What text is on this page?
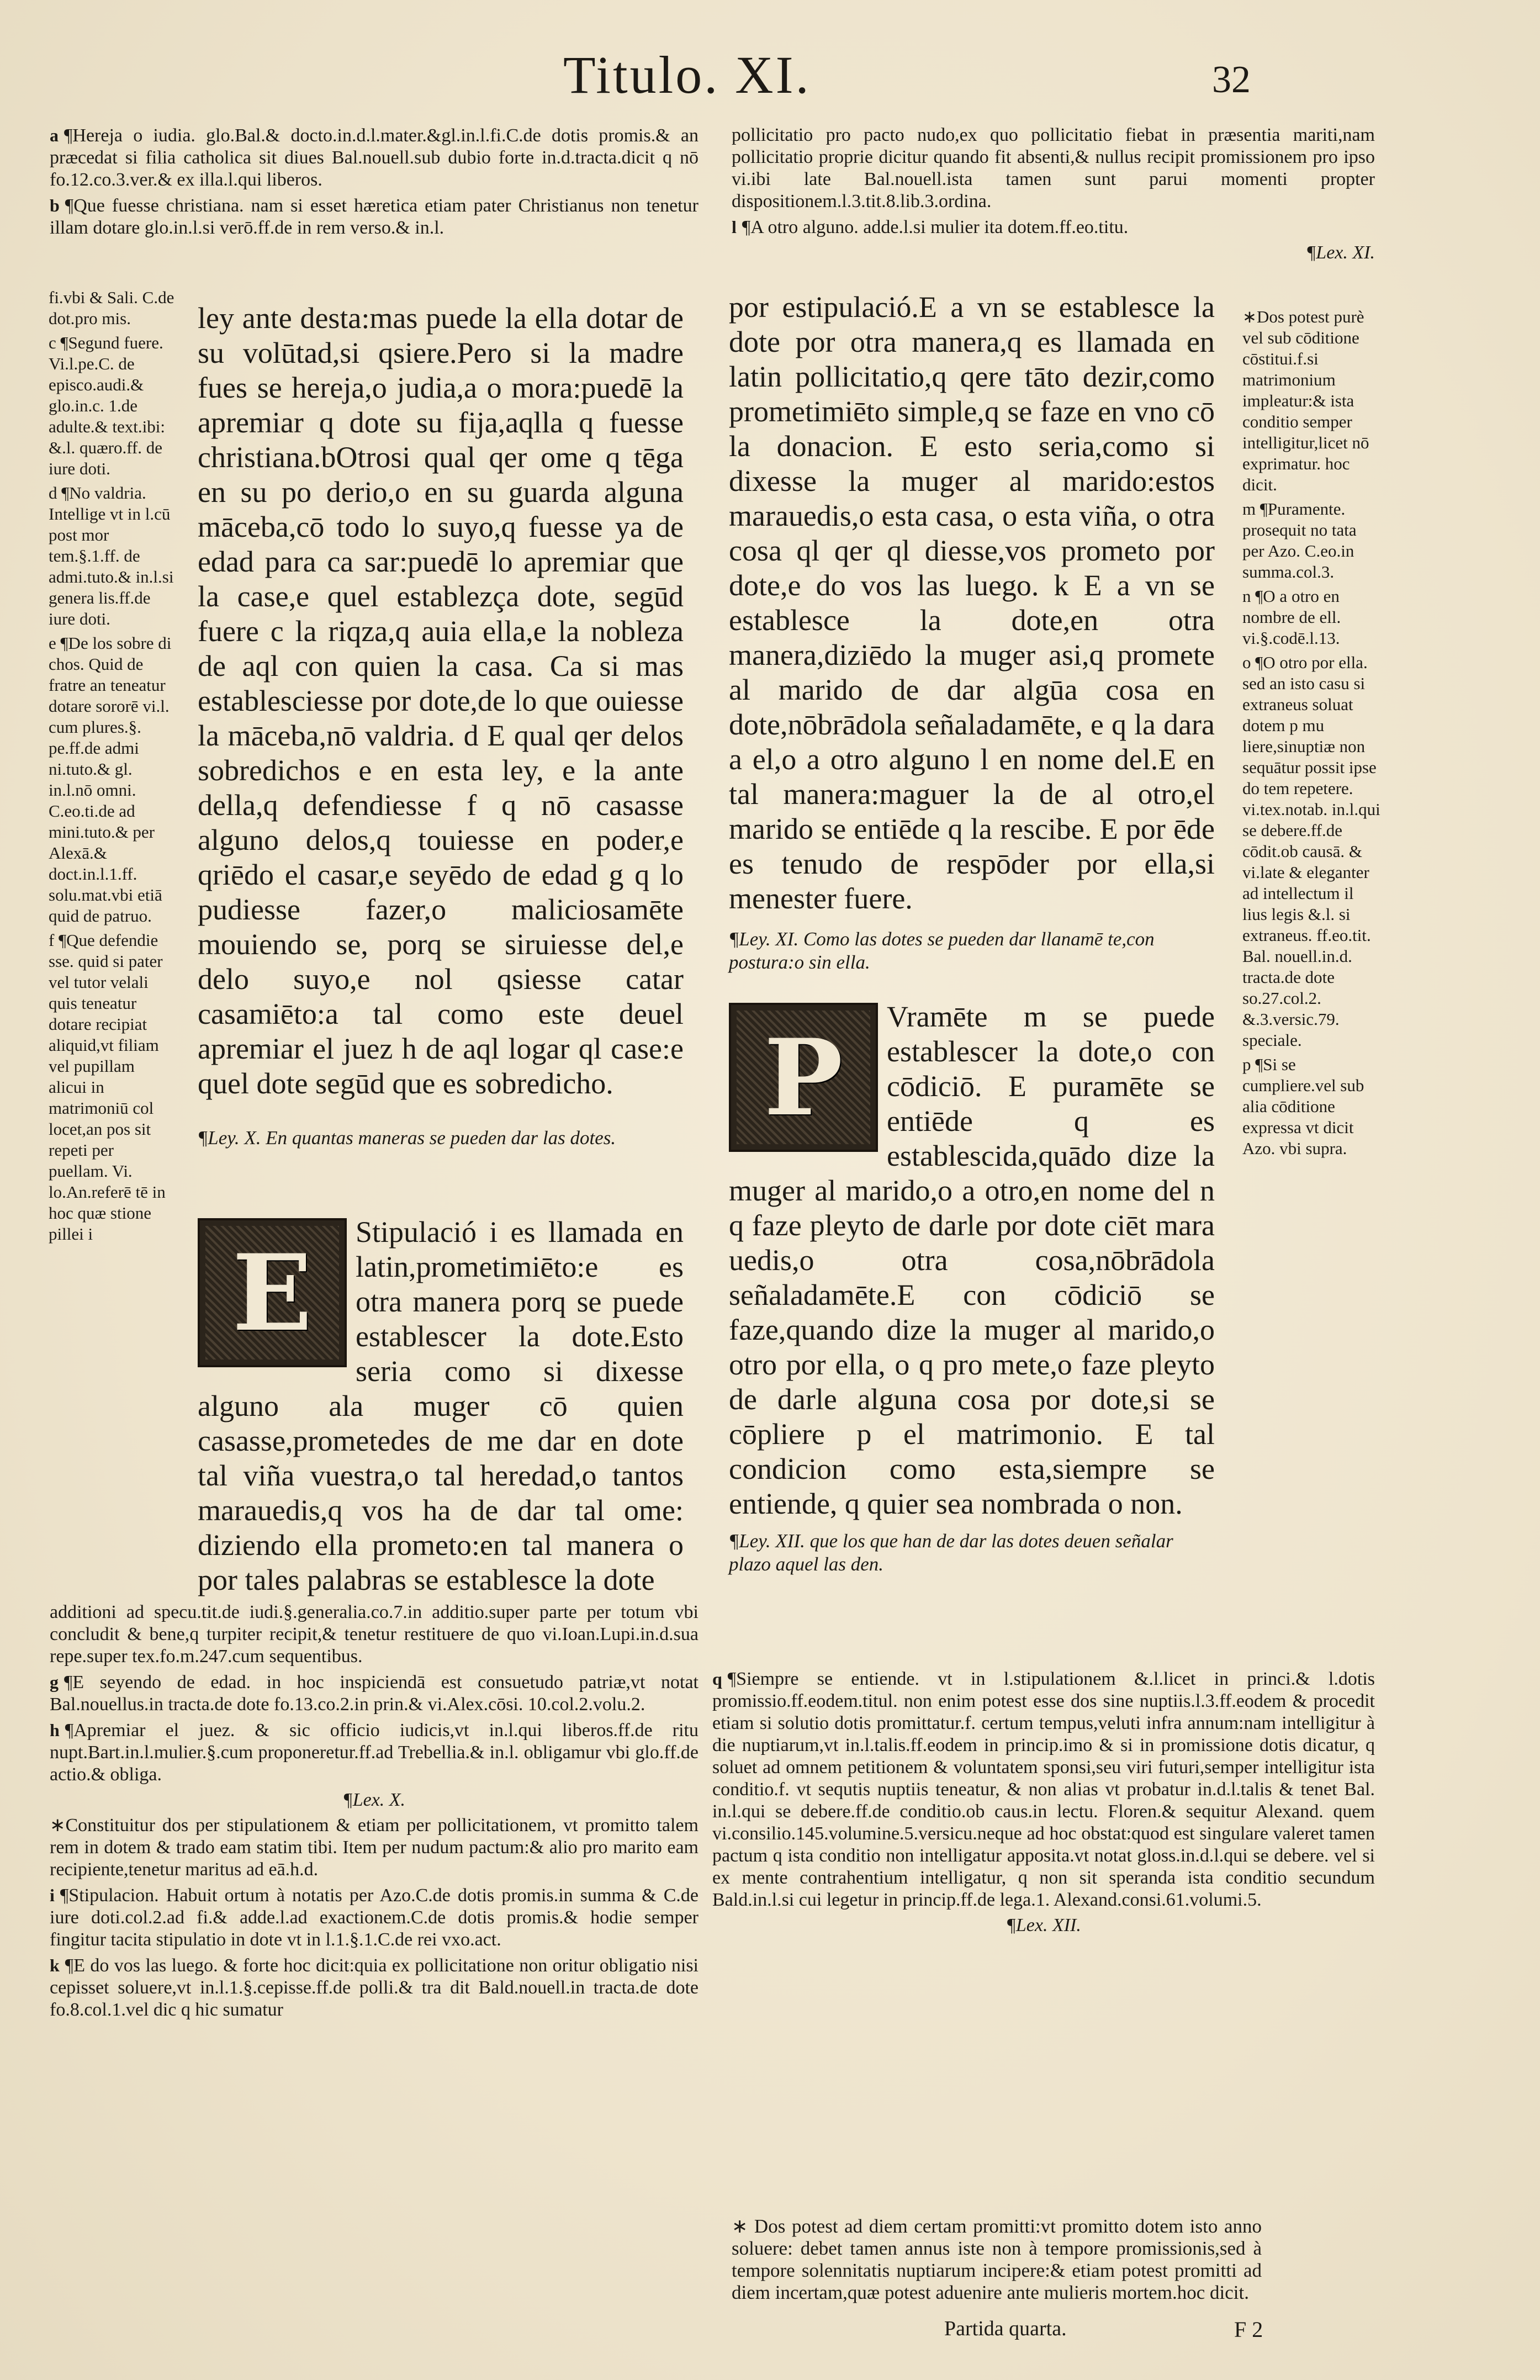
Titulo. XI.	32

a ¶Hereja o iudia. glo.Bal.& docto.in.d.l.mater.&gl.in.l.fi.C.de dotis promis.& an præcedat si filia catholica sit diues Bal.nouell.sub dubio forte in.d.tracta.dicit q nō fo.12.co.3.ver.& ex illa.l.qui liberos.

b ¶Que fuesse christiana. nam si esset hæretica etiam pater Christianus non tenetur illam dotare glo.in.l.si verō.ff.de in rem verso.& in.l.

pollicitatio pro pacto nudo,ex quo pollicitatio fiebat in præsentia mariti,nam pollicitatio proprie dicitur quando fit absenti,& nullus recipit promissionem pro ipso vi.ibi late Bal.nouell.ista tamen sunt parui momenti propter dispositionem.l.3.tit.8.lib.3.ordina.

l ¶A otro alguno. adde.l.si mulier ita dotem.ff.eo.titu.

¶Lex. XI.

fi.vbi & Sali. C.de dot.pro mis.

c ¶Segund fuere. Vi.l.pe.C. de episco.audi.& glo.in.c. 1.de adulte.& text.ibi: &.l. quæro.ff. de iure doti.

d ¶No valdria. Intellige vt in l.cū post mor tem.§.1.ff. de admi.tuto.& in.l.si genera lis.ff.de iure doti.

e ¶De los sobre di chos. Quid de fratre an teneatur dotare sororē vi.l. cum plures.§. pe.ff.de admi ni.tuto.& gl. in.l.nō omni. C.eo.ti.de ad mini.tuto.& per Alexā.& doct.in.l.1.ff. solu.mat.vbi etiā quid de patruo.

f ¶Que defendie sse. quid si pater vel tutor velali quis teneatur dotare recipiat aliquid,vt filiam vel pupillam alicui in matrimoniū col locet,an pos sit repeti per puellam. Vi. lo.An.referē tē in hoc quæ stione pillei i

ley ante desta:mas puede la ella dotar de su volūtad,si qsiere.Pero si la madre fues se hereja,o judia,a o mora:puedē la apremiar q dote su fija,aqlla q fuesse christiana.bOtrosi qual qer ome q tēga en su po derio,o en su guarda alguna māceba,cō todo lo suyo,q fuesse ya de edad para ca sar:puedē lo apremiar que la case,e quel establezça dote, segūd fuere c la riqza,q auia ella,e la nobleza de aql con quien la casa. Ca si mas establesciesse por dote,de lo que ouiesse la māceba,nō valdria. d E qual qer delos sobredichos e en esta ley, e la ante della,q defendiesse f q nō casasse alguno delos,q touiesse en poder,e qriēdo el casar,e seyēdo de edad g q lo pudiesse fazer,o maliciosamēte mouiendo se, porq se siruiesse del,e delo suyo,e nol qsiesse catar casamiēto:a tal como este deuel apremiar el juez h de aql logar ql case:e quel dote segūd que es sobredicho.

¶Ley. X. En quantas maneras se pueden dar las dotes.
E	Stipulació i es llamada en latin,prometimiēto:e es otra manera porq se puede establescer la dote.Esto seria como si dixesse alguno ala muger cō quien casasse,prometedes de me dar en dote tal viña vuestra,o tal heredad,o tantos marauedis,q vos ha de dar tal ome: diziendo ella prometo:en tal manera o por tales palabras se establesce la dote

additioni ad specu.tit.de iudi.§.generalia.co.7.in additio.super parte per totum vbi concludit & bene,q turpiter recipit,& tenetur restituere de quo vi.Ioan.Lupi.in.d.sua repe.super tex.fo.m.247.cum sequentibus.

g ¶E seyendo de edad. in hoc inspiciendā est consuetudo patriæ,vt notat Bal.nouellus.in tracta.de dote fo.13.co.2.in prin.& vi.Alex.cōsi. 10.col.2.volu.2.

h ¶Apremiar el juez. & sic officio iudicis,vt in.l.qui liberos.ff.de ritu nupt.Bart.in.l.mulier.§.cum proponeretur.ff.ad Trebellia.& in.l. obligamur vbi glo.ff.de actio.& obliga.

¶Lex. X.

∗Constituitur dos per stipulationem & etiam per pollicitationem, vt promitto talem rem in dotem & trado eam statim tibi. Item per nudum pactum:& alio pro marito eam recipiente,tenetur maritus ad eā.h.d.

i ¶Stipulacion. Habuit ortum à notatis per Azo.C.de dotis promis.in summa & C.de iure doti.col.2.ad fi.& adde.l.ad exactionem.C.de dotis promis.& hodie semper fingitur tacita stipulatio in dote vt in l.1.§.1.C.de rei vxo.act.

k ¶E do vos las luego. & forte hoc dicit:quia ex pollicitatione non oritur obligatio nisi cepisset soluere,vt in.l.1.§.cepisse.ff.de polli.& tra dit Bald.nouell.in tracta.de dote fo.8.col.1.vel dic q hic sumatur

por estipulació.E a vn se establesce la dote por otra manera,q es llamada en latin pollicitatio,q qere tāto dezir,como prometimiēto simple,q se faze en vno cō la donacion. E esto seria,como si dixesse la muger al marido:estos marauedis,o esta casa, o esta viña, o otra cosa ql qer ql diesse,vos prometo por dote,e do vos las luego. k E a vn se establesce la dote,en otra manera,diziēdo la muger asi,q promete al marido de dar algūa cosa en dote,nōbrādola señaladamēte, e q la dara a el,o a otro alguno l en nome del.E en tal manera:maguer la de al otro,el marido se entiēde q la rescibe. E por ēde es tenudo de respōder por ella,si menester fuere.

¶Ley. XI. Como las dotes se pueden dar llanamē te,con postura:o sin ella.
P	Vramēte m se puede establescer la dote,o con cōdiciō. E puramēte se entiēde q es establescida,quādo dize la muger al marido,o a otro,en nome del n q faze pleyto de darle por dote ciēt mara uedis,o otra cosa,nōbrādola señaladamēte.E con cōdiciō se faze,quando dize la muger al marido,o otro por ella, o q pro mete,o faze pleyto de darle alguna cosa por dote,si se cōpliere p el matrimonio. E tal condicion como esta,siempre se entiende, q quier sea nombrada o non.

¶Ley. XII. que los que han de dar las dotes deuen señalar plazo aquel las den.

∗Dos potest purè vel sub cōditione cōstitui.f.si matrimonium impleatur:& ista conditio semper intelligitur,licet nō exprimatur. hoc dicit.

m ¶Puramente. prosequit no tata per Azo. C.eo.in summa.col.3.

n ¶O a otro en nombre de ell. vi.§.codē.l.13.

o ¶O otro por ella. sed an isto casu si extraneus soluat dotem p mu liere,sinuptiæ non sequātur possit ipse do tem repetere. vi.tex.notab. in.l.qui se debere.ff.de cōdit.ob causā. & vi.late & eleganter ad intellectum il lius legis &.l. si extraneus. ff.eo.tit. Bal. nouell.in.d. tracta.de dote so.27.col.2. &.3.versic.79. speciale.

p ¶Si se cumpliere.vel sub alia cōditione expressa vt dicit Azo. vbi supra.

q ¶Siempre se entiende. vt in l.stipulationem &.l.licet in princi.& l.dotis promissio.ff.eodem.titul. non enim potest esse dos sine nuptiis.l.3.ff.eodem & procedit etiam si solutio dotis promittatur.f. certum tempus,veluti infra annum:nam intelligitur à die nuptiarum,vt in.l.talis.ff.eodem in princip.imo & si in promissione dotis dicatur, q soluet ad omnem petitionem & voluntatem sponsi,seu viri futuri,semper intelligitur ista conditio.f. vt sequtis nuptiis teneatur, & non alias vt probatur in.d.l.talis & tenet Bal. in.l.qui se debere.ff.de conditio.ob caus.in lectu. Floren.& sequitur Alexand. quem vi.consilio.145.volumine.5.versicu.neque ad hoc obstat:quod est singulare valeret tamen pactum q ista conditio non intelligatur apposita.vt notat gloss.in.d.l.qui se debere. vel si ex mente contrahentium intelligatur, q non sit speranda ista conditio secundum Bald.in.l.si cui legetur in princip.ff.de lega.1. Alexand.consi.61.volumi.5.

¶Lex. XII.

∗ Dos potest ad diem certam promitti:vt promitto dotem isto anno soluere: debet tamen annus iste non à tempore promissionis,sed à tempore solennitatis nuptiarum incipere:& etiam potest promitti ad diem incertam,quæ potest aduenire ante mulieris mortem.hoc dicit.
Partida quarta.	F 2
